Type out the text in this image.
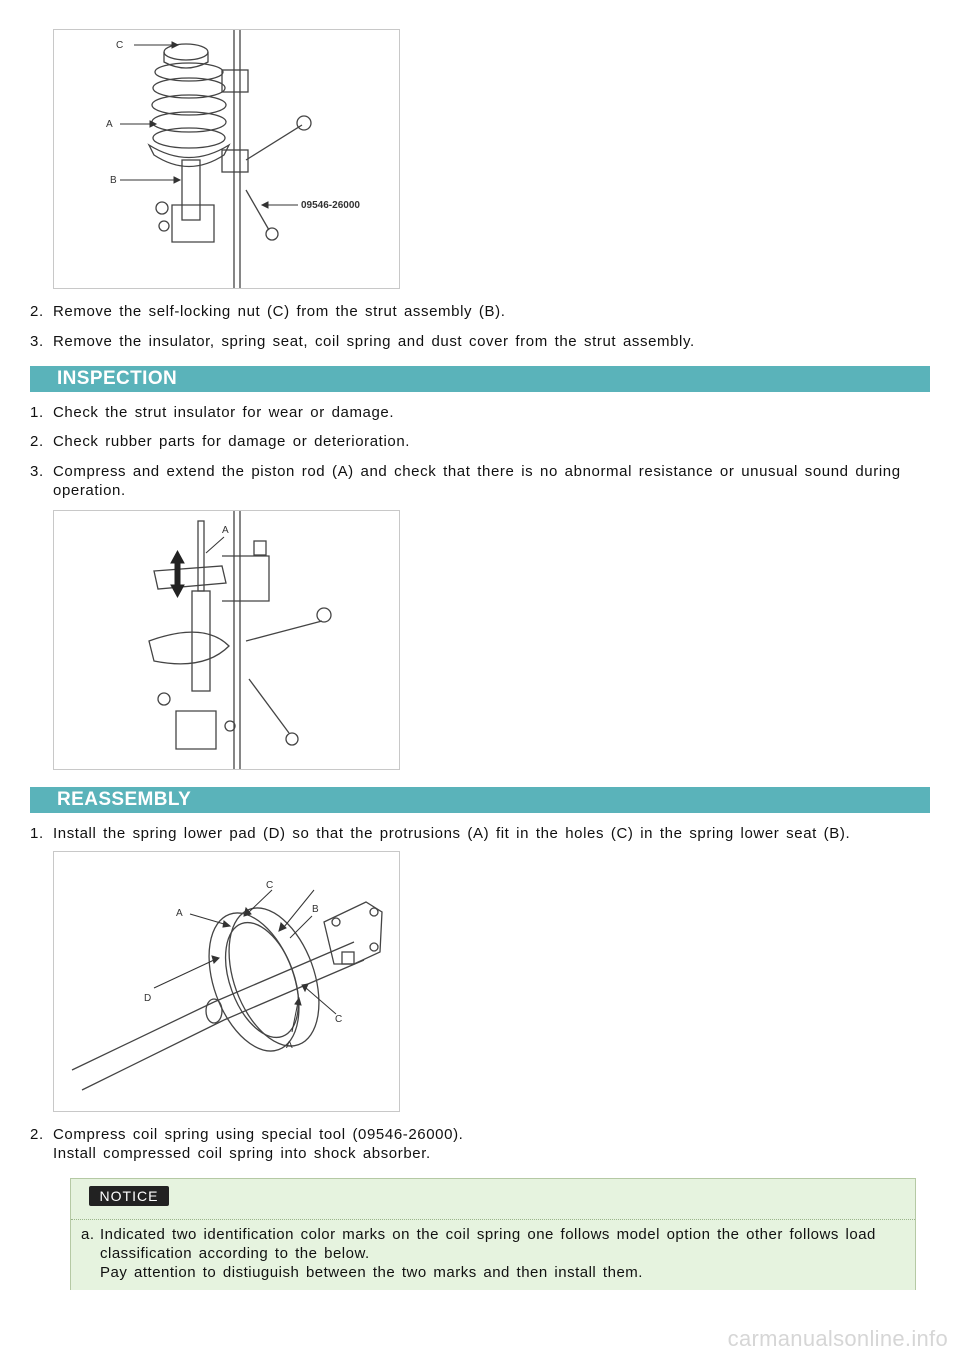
C
A
B
09546-26000
2. Remove the self-locking nut (C) from the strut assembly (B).
3. Remove the insulator, spring seat, coil spring and dust cover from the strut assembly.
INSPECTION
1. Check the strut insulator for wear or damage.
2. Check rubber parts for damage or deterioration.
3. Compress and extend the piston rod (A) and check that there is no abnormal resistance or unusual sound during operation.
A
REASSEMBLY
1. Install the spring lower pad (D) so that the protrusions (A) fit in the holes (C) in the spring lower seat (B).
C
A	B
D
C
A
2. Compress coil spring using special tool (09546-26000).
Install compressed coil spring into shock absorber.
NOTICE
a. Indicated two identification color marks on the coil spring one follows model option the other follows load classification according to the below.
Pay attention to distiuguish between the two marks and then install them.
carmanualsonline.info
